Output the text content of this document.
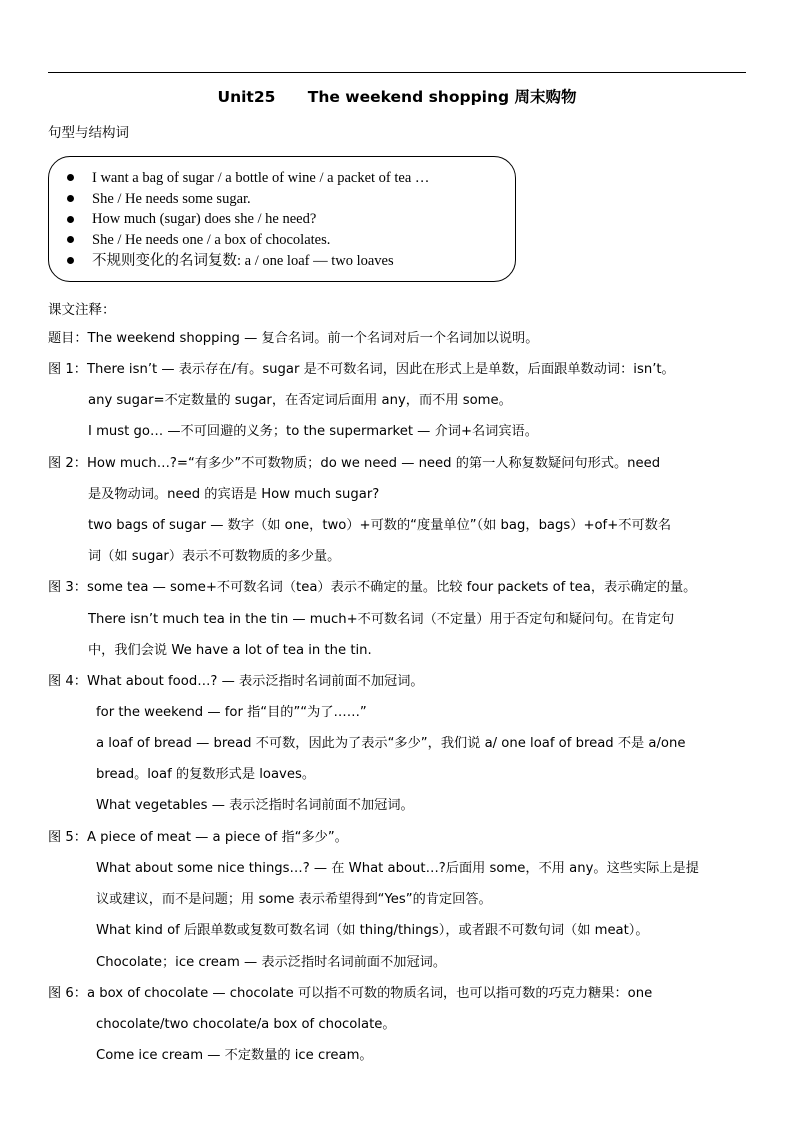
Unit25      The weekend shopping 周末购物
句型与结构词
I want a bag of sugar / a bottle of wine / a packet of tea …
She / He needs some sugar.
How much (sugar) does she / he need?
She / He needs one / a box of chocolates.
不规则变化的名词复数: a / one loaf — two loaves
课文注释：
题目：The weekend shopping — 复合名词。前一个名词对后一个名词加以说明。
图 1：There isn’t — 表示存在/有。sugar 是不可数名词，因此在形式上是单数，后面跟单数动词：isn’t。
any sugar=不定数量的 sugar，在否定词后面用 any，而不用 some。
I must go… —不可回避的义务；to the supermarket — 介词+名词宾语。
图 2：How much…?=“有多少”不可数物质；do we need — need 的第一人称复数疑问句形式。need
是及物动词。need 的宾语是 How much sugar?
two bags of sugar — 数字（如 one，two）+可数的“度量单位”（如 bag，bags）+of+不可数名
词（如 sugar）表示不可数物质的多少量。
图 3：some tea — some+不可数名词（tea）表示不确定的量。比较 four packets of tea，表示确定的量。
There isn’t much tea in the tin — much+不可数名词（不定量）用于否定句和疑问句。在肯定句
中，我们会说 We have a lot of tea in the tin.
图 4：What about food…? — 表示泛指时名词前面不加冠词。
for the weekend — for 指“目的”“为了……”
a loaf of bread — bread 不可数，因此为了表示“多少”，我们说 a/ one loaf of bread 不是 a/one
bread。loaf 的复数形式是 loaves。
What vegetables — 表示泛指时名词前面不加冠词。
图 5：A piece of meat — a piece of 指“多少”。
What about some nice things…? — 在 What about…?后面用 some，不用 any。这些实际上是提
议或建议，而不是问题；用 some 表示希望得到“Yes”的肯定回答。
What kind of 后跟单数或复数可数名词（如 thing/things），或者跟不可数句词（如 meat）。
Chocolate；ice cream — 表示泛指时名词前面不加冠词。
图 6：a box of chocolate — chocolate 可以指不可数的物质名词，也可以指可数的巧克力糖果：one
chocolate/two chocolate/a box of chocolate。
Come ice cream — 不定数量的 ice cream。
